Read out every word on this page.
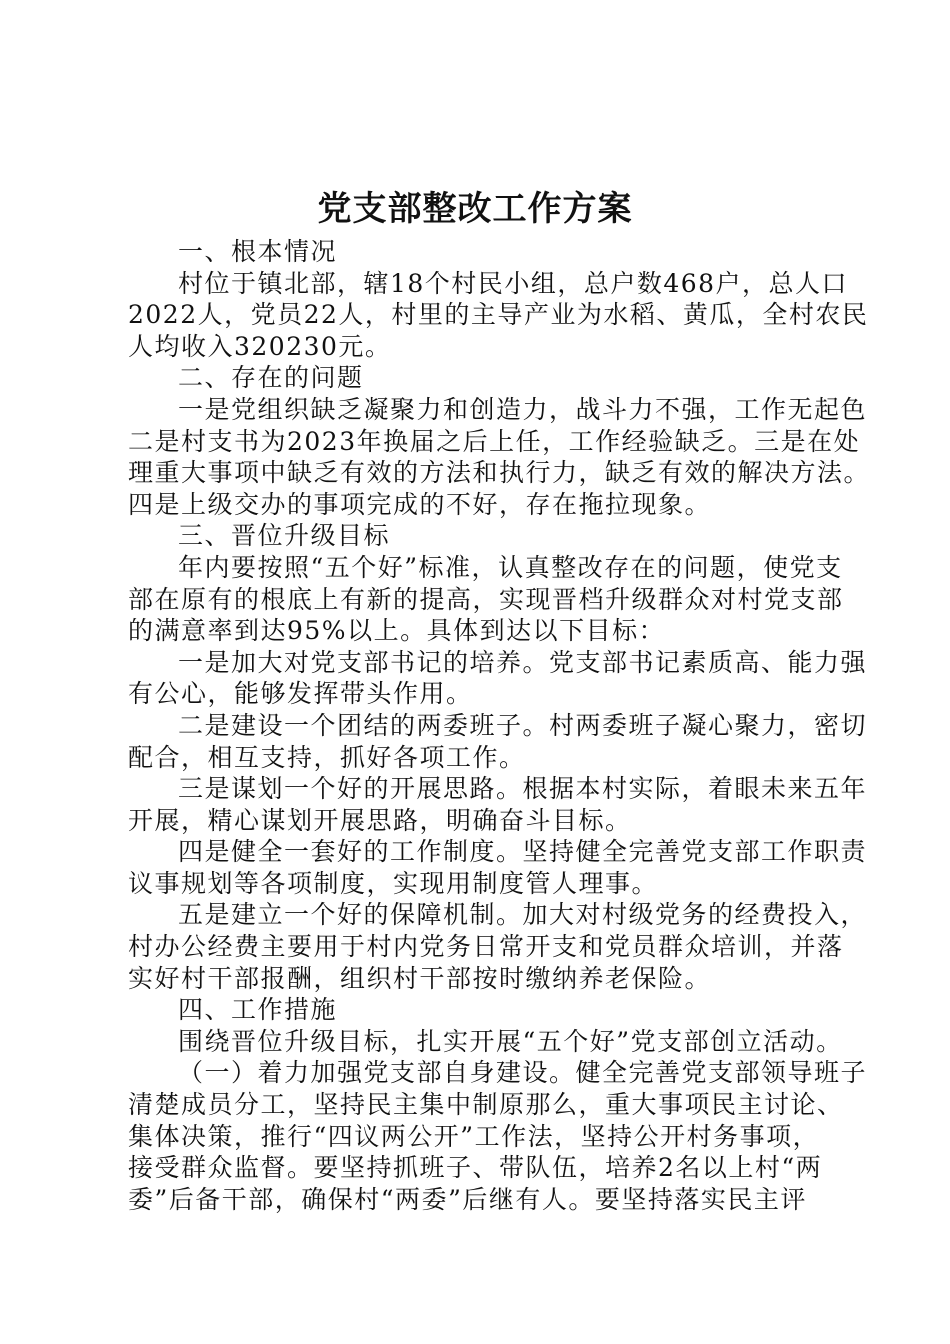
党支部整改工作方案

一、根本情况

村位于镇北部，辖18个村民小组，总户数468户，总人口

2022人，党员22人，村里的主导产业为水稻、黄瓜，全村农民

人均收入320230元。

二、存在的问题

一是党组织缺乏凝聚力和创造力，战斗力不强，工作无起色

二是村支书为2023年换届之后上任，工作经验缺乏。三是在处

理重大事项中缺乏有效的方法和执行力，缺乏有效的解决方法。

四是上级交办的事项完成的不好，存在拖拉现象。

三、晋位升级目标

年内要按照“五个好”标准，认真整改存在的问题，使党支

部在原有的根底上有新的提高，实现晋档升级群众对村党支部

的满意率到达95%以上。具体到达以下目标：

一是加大对党支部书记的培养。党支部书记素质高、能力强

有公心，能够发挥带头作用。

二是建设一个团结的两委班子。村两委班子凝心聚力，密切

配合，相互支持，抓好各项工作。

三是谋划一个好的开展思路。根据本村实际，着眼未来五年

开展，精心谋划开展思路，明确奋斗目标。

四是健全一套好的工作制度。坚持健全完善党支部工作职责

议事规划等各项制度，实现用制度管人理事。

五是建立一个好的保障机制。加大对村级党务的经费投入，

村办公经费主要用于村内党务日常开支和党员群众培训，并落

实好村干部报酬，组织村干部按时缴纳养老保险。

四、工作措施

围绕晋位升级目标，扎实开展“五个好”党支部创立活动。

（一）着力加强党支部自身建设。健全完善党支部领导班子

清楚成员分工，坚持民主集中制原那么，重大事项民主讨论、

集体决策，推行“四议两公开”工作法，坚持公开村务事项，

接受群众监督。要坚持抓班子、带队伍，培养2名以上村“两

委”后备干部，确保村“两委”后继有人。要坚持落实民主评
